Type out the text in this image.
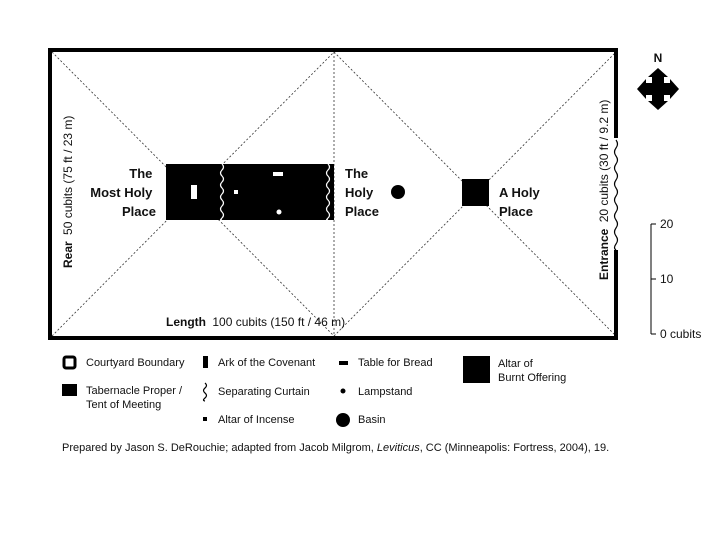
The Most Holy Place
The Holy Place
A Holy Place
Rear 50 cubits (75 ft / 23 m)
Length 100 cubits (150 ft / 46 m)
Entrance 20 cubits (30 ft / 9.2 m)
N
20
10
0 cubits
Courtyard Boundary
Tabernacle Proper /
Tent of Meeting
Ark of the Covenant
Separating Curtain
Altar of Incense
Table for Bread
Lampstand
Basin
Altar of
Burnt Offering
Prepared by Jason S. DeRouchie; adapted from Jacob Milgrom, Leviticus, CC (Minneapolis: Fortress, 2004), 19.
